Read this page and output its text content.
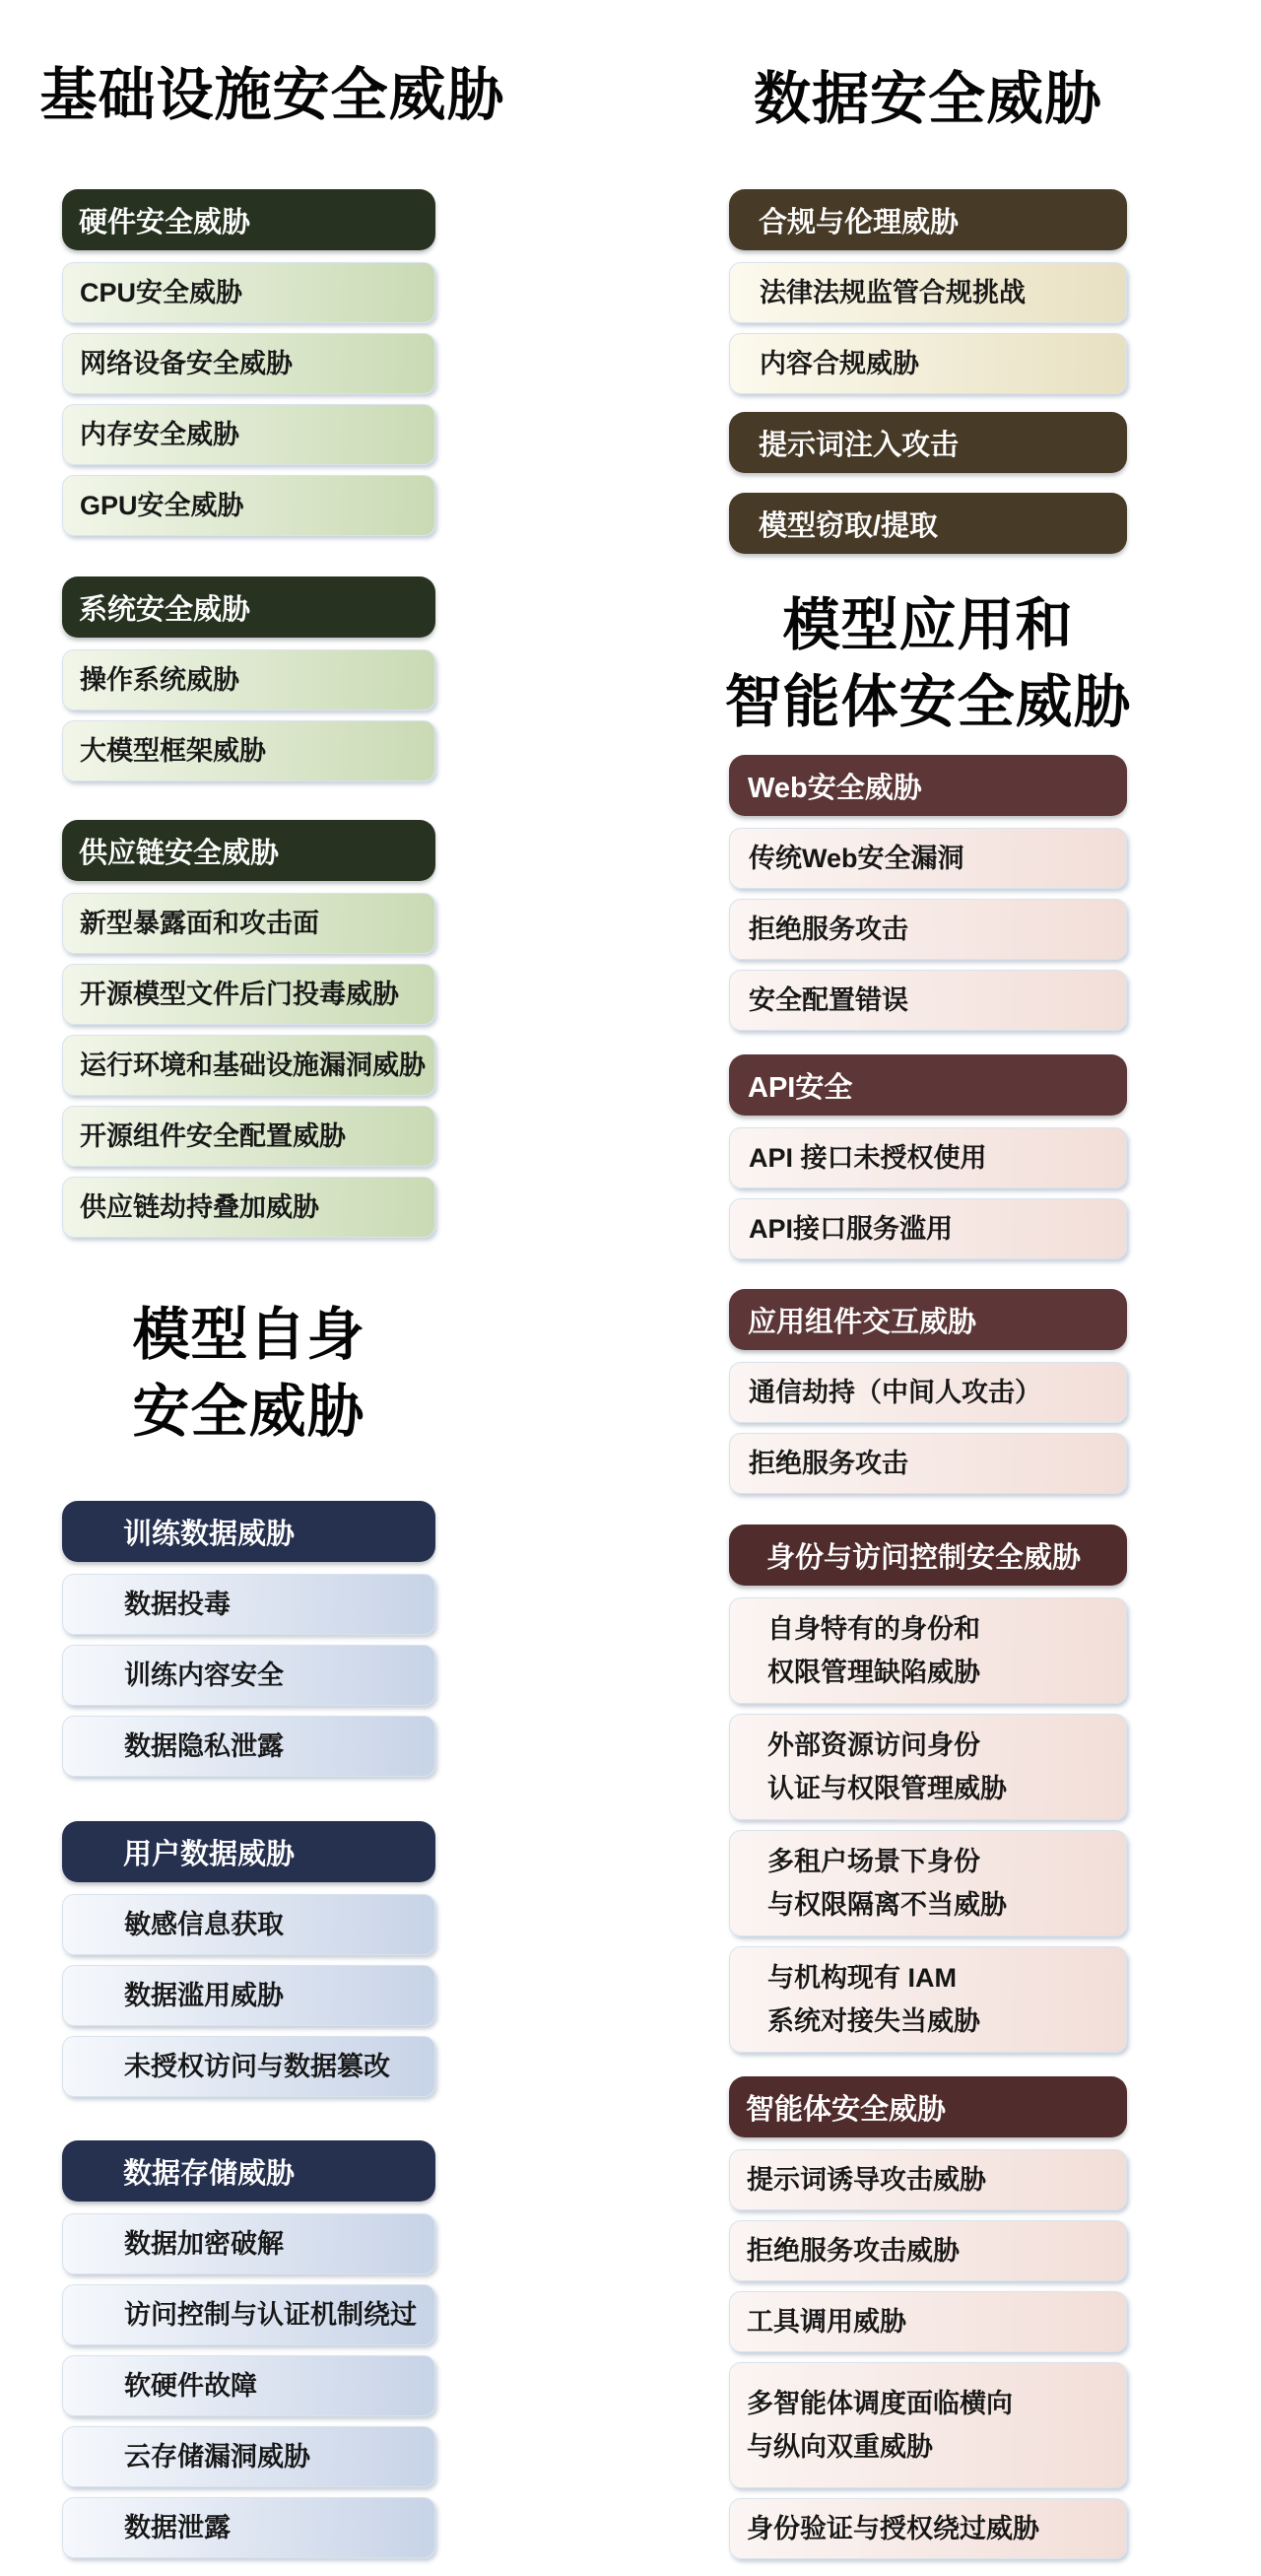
基础设施安全威胁
硬件安全威胁
CPU安全威胁
网络设备安全威胁
内存安全威胁
GPU安全威胁
系统安全威胁
操作系统威胁
大模型框架威胁
供应链安全威胁
新型暴露面和攻击面
开源模型文件后门投毒威胁
运行环境和基础设施漏洞威胁
开源组件安全配置威胁
供应链劫持叠加威胁
模型自身
安全威胁
训练数据威胁
数据投毒
训练内容安全
数据隐私泄露
用户数据威胁
敏感信息获取
数据滥用威胁
未授权访问与数据篡改
数据存储威胁
数据加密破解
访问控制与认证机制绕过
软硬件故障
云存储漏洞威胁
数据泄露
数据安全威胁
合规与伦理威胁
法律法规监管合规挑战
内容合规威胁
提示词注入攻击
模型窃取/提取
模型应用和
智能体安全威胁
Web安全威胁
传统Web安全漏洞
拒绝服务攻击
安全配置错误
API安全
API 接口未授权使用
API接口服务滥用
应用组件交互威胁
通信劫持（中间人攻击）
拒绝服务攻击
身份与访问控制安全威胁
自身特有的身份和
权限管理缺陷威胁
外部资源访问身份
认证与权限管理威胁
多租户场景下身份
与权限隔离不当威胁
与机构现有 IAM
系统对接失当威胁
智能体安全威胁
提示词诱导攻击威胁
拒绝服务攻击威胁
工具调用威胁
多智能体调度面临横向
与纵向双重威胁
身份验证与授权绕过威胁
